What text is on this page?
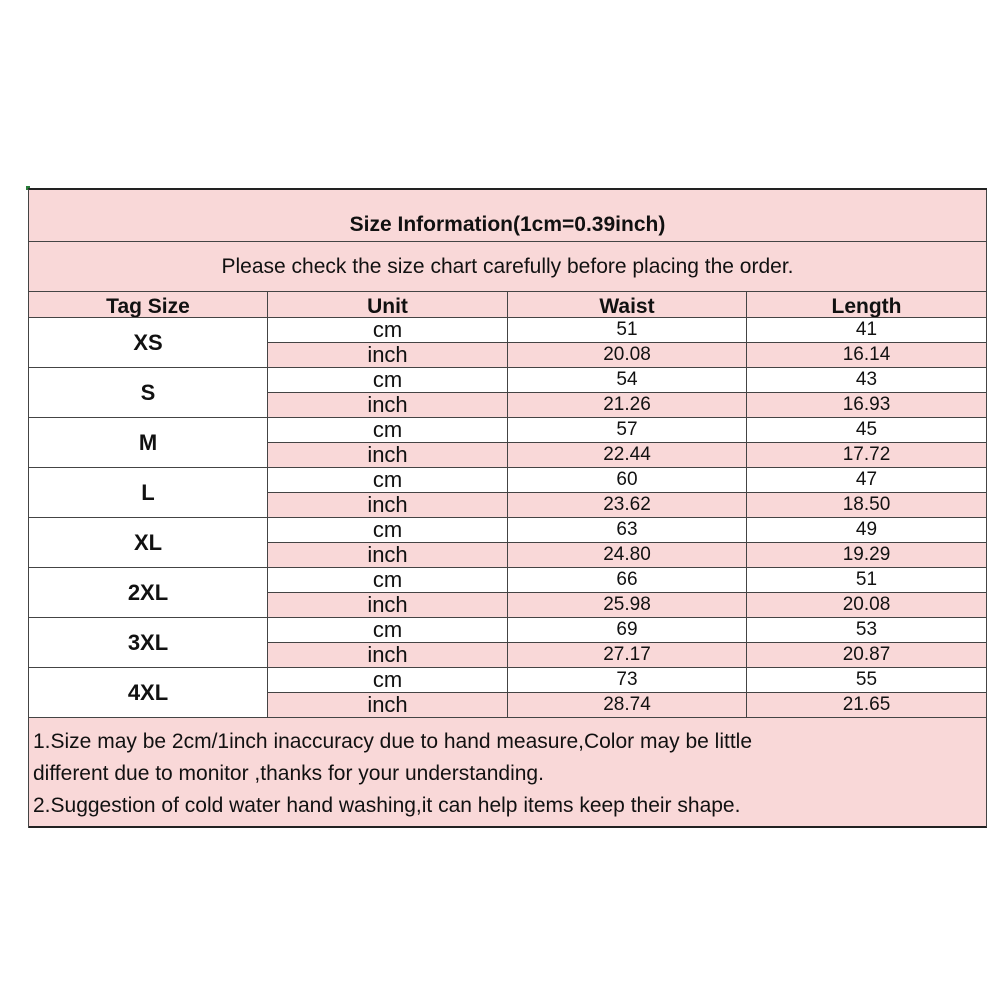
Size Information(1cm=0.39inch)
Please check the size chart carefully before placing the order.
Tag Size	Unit	Waist	Length
XS	cm	51	41
inch	20.08	16.14
S	cm	54	43
inch	21.26	16.93
M	cm	57	45
inch	22.44	17.72
L	cm	60	47
inch	23.62	18.50
XL	cm	63	49
inch	24.80	19.29
2XL	cm	66	51
inch	25.98	20.08
3XL	cm	69	53
inch	27.17	20.87
4XL	cm	73	55
inch	28.74	21.65
1.Size may be 2cm/1inch inaccuracy due to hand measure,Color may be little
different due to monitor ,thanks for your understanding.
2.Suggestion of cold water hand washing,it can help items keep their shape.
